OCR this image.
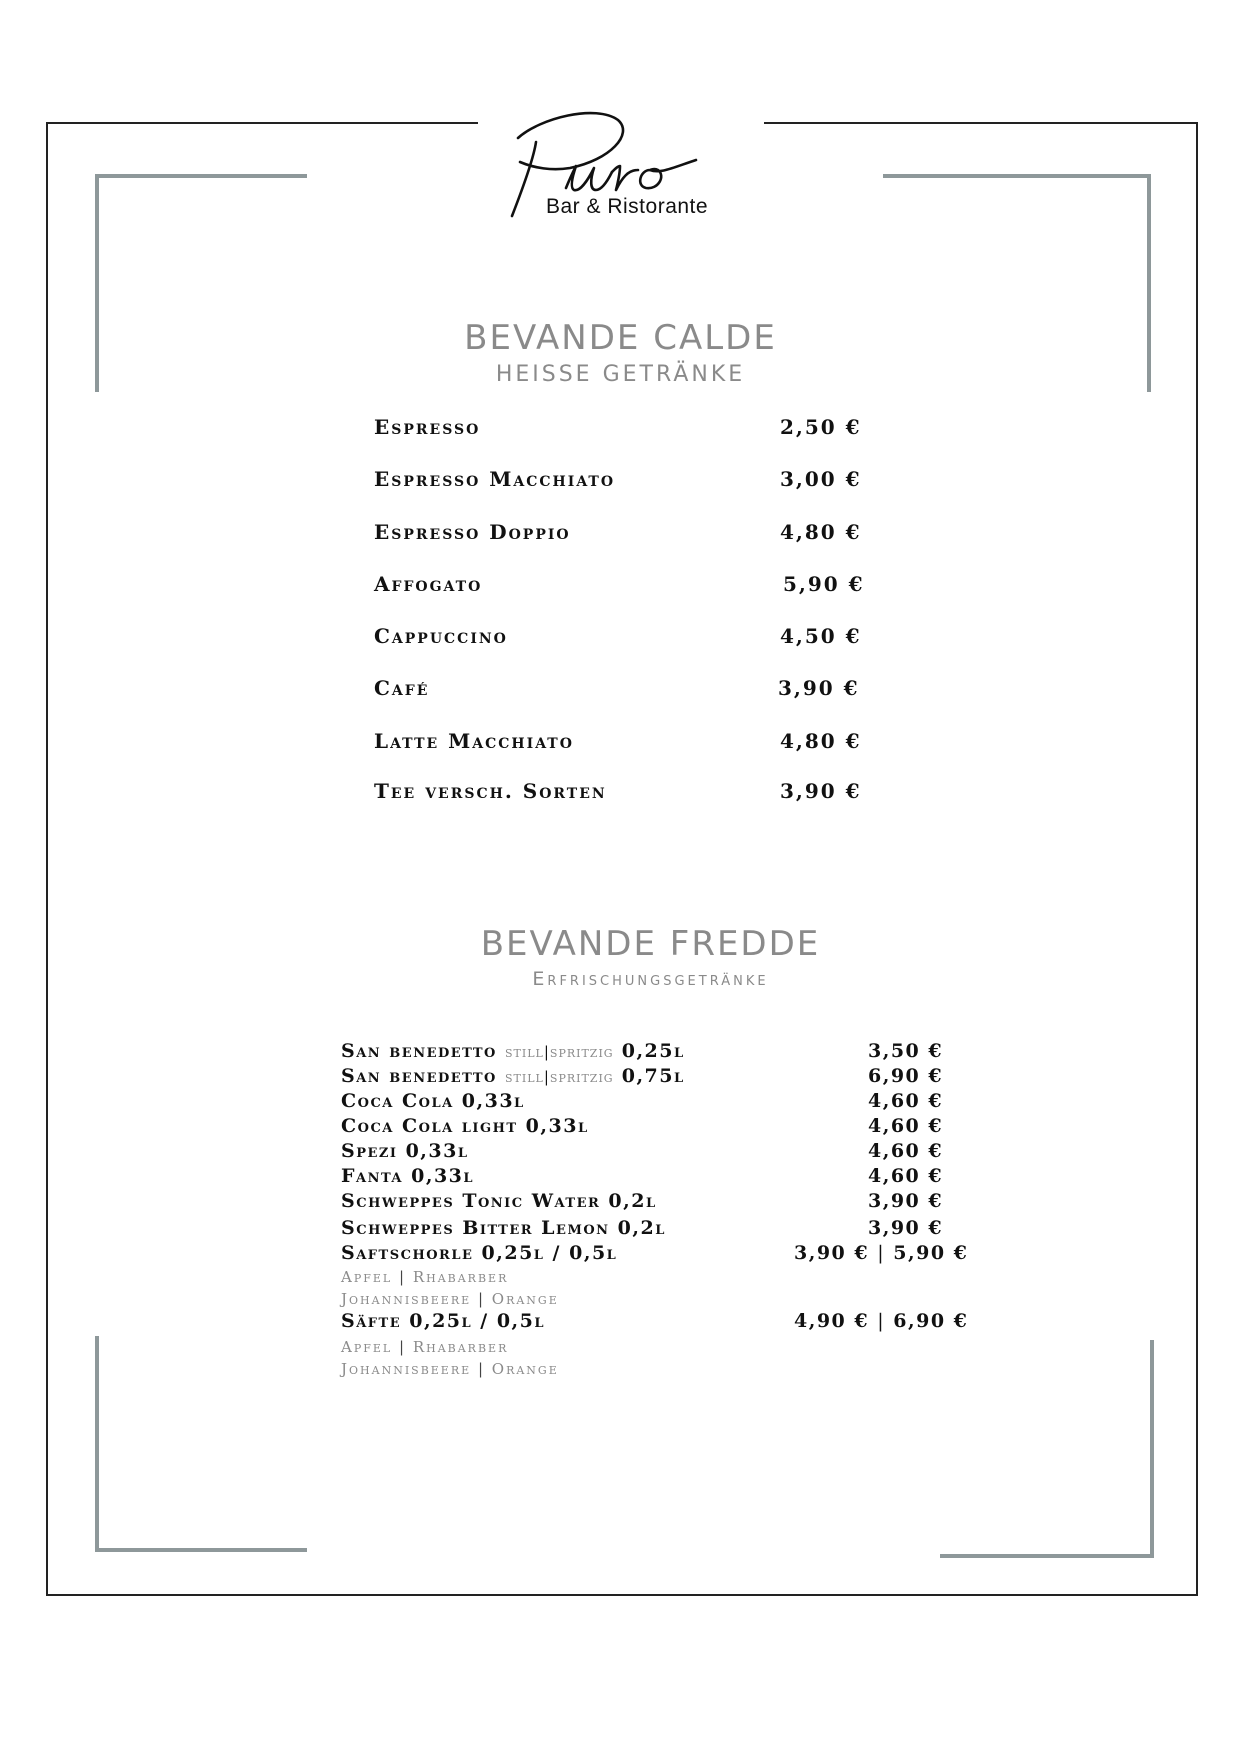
Bar & Ristorante
BEVANDE CALDE
HEISSE GETRÄNKE
Espresso	2,50 €
Espresso Macchiato	3,00 €
Espresso Doppio	4,80 €
Affogato	5,90 €
Cappuccino	4,50 €
Café	3,90 €
Latte Macchiato	4,80 €
Tee versch. Sorten	3,90 €
BEVANDE FREDDE
Erfrischungsgetränke
San benedetto still|spritzig 0,25l	3,50 €
San benedetto still|spritzig 0,75l	6,90 €
Coca Cola 0,33l	4,60 €
Coca Cola light 0,33l	4,60 €
Spezi 0,33l	4,60 €
Fanta 0,33l	4,60 €
Schweppes Tonic Water 0,2l	3,90 €
Schweppes Bitter Lemon 0,2l	3,90 €
Saftschorle 0,25l / 0,5l	3,90 € | 5,90 €
Apfel | Rhabarber
Johannisbeere | Orange
Säfte 0,25l / 0,5l	4,90 € | 6,90 €
Apfel | Rhabarber
Johannisbeere | Orange
